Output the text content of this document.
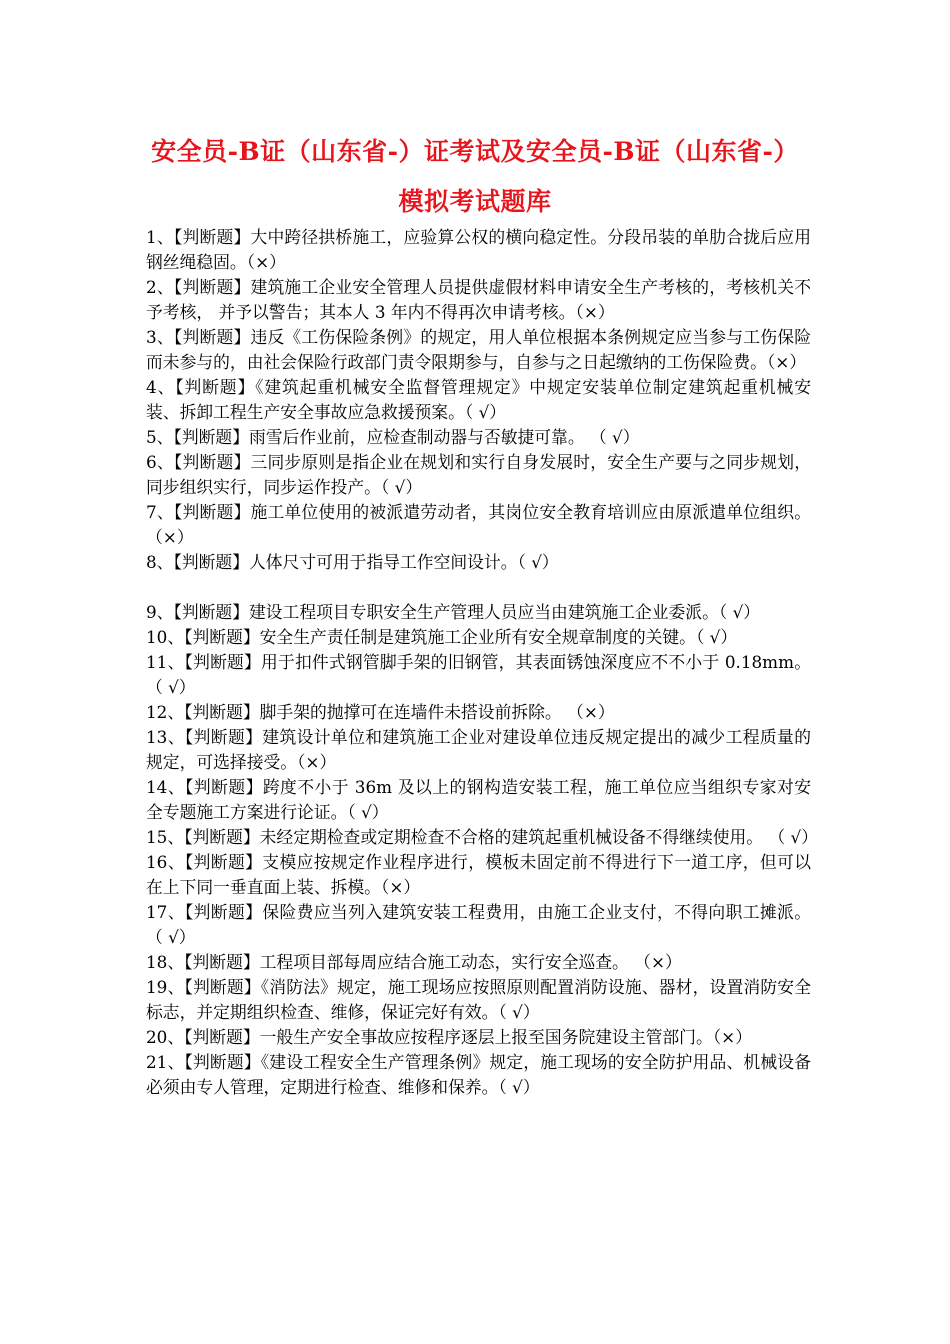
安全员-B证（山东省-）证考试及安全员-B证（山东省-）
模拟考试题库

1、【判断题】大中跨径拱桥施工，应验算公权的横向稳定性。分段吊装的单肋合拢后应用钢丝绳稳固。（×）

2、【判断题】建筑施工企业安全管理人员提供虚假材料申请安全生产考核的，考核机关不予考核， 并予以警告；其本人 3 年内不得再次申请考核。（×）

3、【判断题】违反《工伤保险条例》的规定，用人单位根据本条例规定应当参与工伤保险而未参与的，由社会保险行政部门责令限期参与，自参与之日起缴纳的工伤保险费。（×）

4、【判断题】《建筑起重机械安全监督管理规定》中规定安装单位制定建筑起重机械安装、拆卸工程生产安全事故应急救援预案。（ √）

5、【判断题】雨雪后作业前，应检查制动器与否敏捷可靠。 （ √）

6、【判断题】三同步原则是指企业在规划和实行自身发展时，安全生产要与之同步规划，同步组织实行，同步运作投产。（ √）

7、【判断题】施工单位使用的被派遣劳动者，其岗位安全教育培训应由原派遣单位组织。 （×）

8、【判断题】人体尺寸可用于指导工作空间设计。（ √）

9、【判断题】建设工程项目专职安全生产管理人员应当由建筑施工企业委派。（ √）

10、【判断题】安全生产责任制是建筑施工企业所有安全规章制度的关键。（ √）

11、【判断题】用于扣件式钢管脚手架的旧钢管，其表面锈蚀深度应不不小于 0.18mm。（ √）

12、【判断题】脚手架的抛撑可在连墙件未搭设前拆除。 （×）

13、【判断题】建筑设计单位和建筑施工企业对建设单位违反规定提出的减少工程质量的规定，可选择接受。（×）

14、【判断题】跨度不小于 36m 及以上的钢构造安装工程，施工单位应当组织专家对安全专题施工方案进行论证。（ √）

15、【判断题】未经定期检查或定期检查不合格的建筑起重机械设备不得继续使用。 （ √）

16、【判断题】支模应按规定作业程序进行，模板未固定前不得进行下一道工序，但可以在上下同一垂直面上装、拆模。（×）

17、【判断题】保险费应当列入建筑安装工程费用，由施工企业支付，不得向职工摊派。 （ √）

18、【判断题】工程项目部每周应结合施工动态，实行安全巡查。 （×）

19、【判断题】《消防法》规定，施工现场应按照原则配置消防设施、器材，设置消防安全标志，并定期组织检查、维修，保证完好有效。（ √）

20、【判断题】一般生产安全事故应按程序逐层上报至国务院建设主管部门。（×）

21、【判断题】《建设工程安全生产管理条例》规定，施工现场的安全防护用品、机械设备必须由专人管理，定期进行检查、维修和保养。（ √）
